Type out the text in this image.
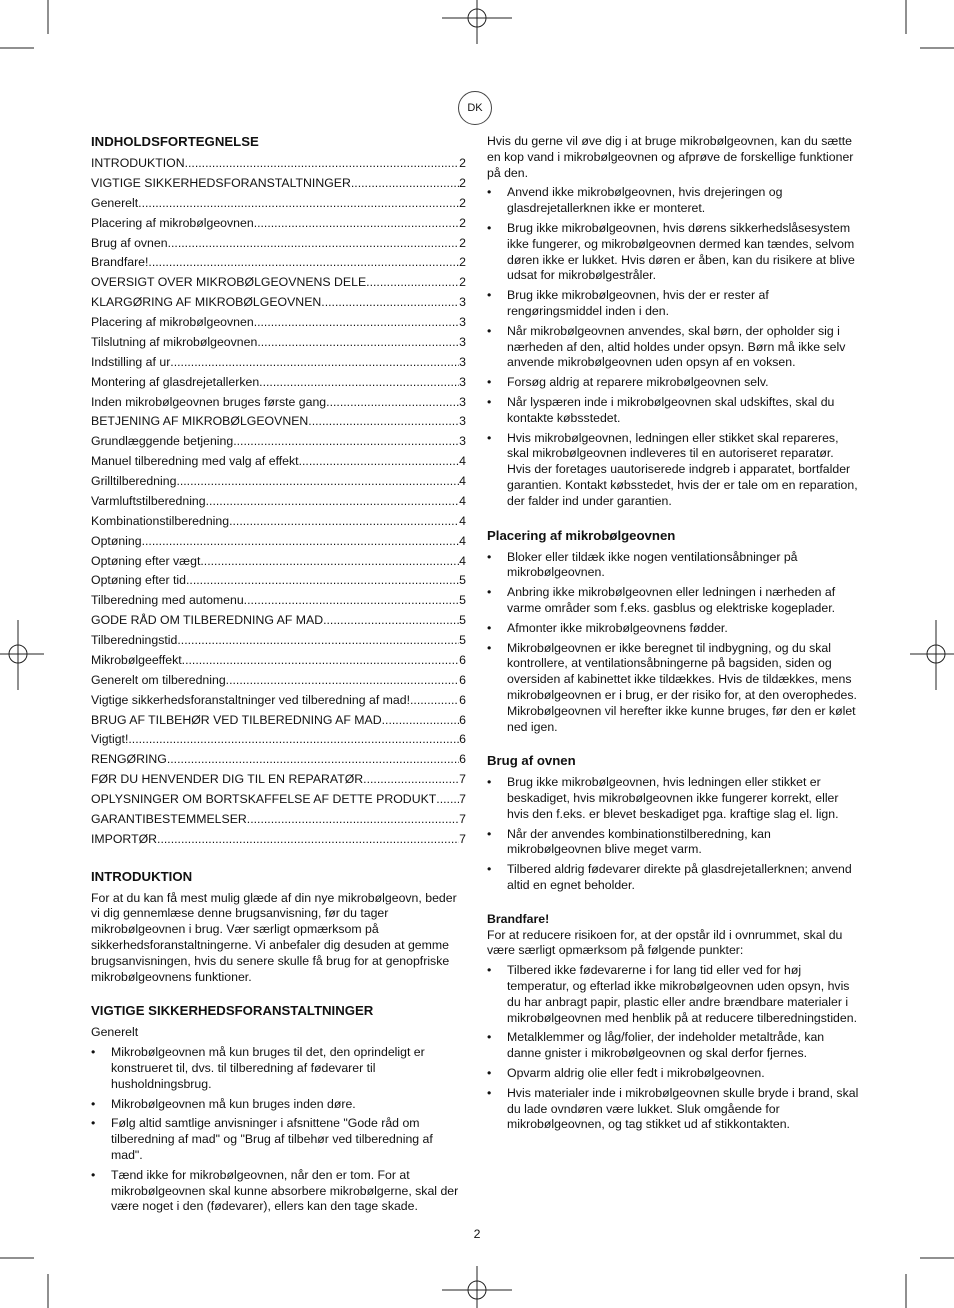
DK
INDHOLDSFORTEGNELSE
INTRODUKTION .....	2
VIGTIGE SIKKERHEDSFORANSTALTNINGER .....	2
Generelt .....	2
Placering af mikrobølgeovnen .....	2
Brug af ovnen .....	2
Brandfare! .....	2
OVERSIGT OVER MIKROBØLGEOVNENS DELE .....	2
KLARGØRING AF MIKROBØLGEOVNEN .....	3
Placering af mikrobølgeovnen .....	3
Tilslutning af mikrobølgeovnen .....	3
Indstilling af ur .....	3
Montering af glasdrejetallerken .....	3
Inden mikrobølgeovnen bruges første gang .....	3
BETJENING AF MIKROBØLGEOVNEN .....	3
Grundlæggende betjening .....	3
Manuel tilberedning med valg af effekt .....	4
Grilltilberedning .....	4
Varmluftstilberedning .....	4
Kombinationstilberedning .....	4
Optøning .....	4
Optøning efter vægt .....	4
Optøning efter tid .....	5
Tilberedning med automenu .....	5
GODE RÅD OM TILBEREDNING AF MAD .....	5
Tilberedningstid .....	5
Mikrobølgeeffekt .....	6
Generelt om tilberedning .....	6
Vigtige sikkerhedsforanstaltninger ved tilberedning af mad! .....	6
BRUG AF TILBEHØR VED TILBEREDNING AF MAD .....	6
Vigtigt! .....	6
RENGØRING .....	6
FØR DU HENVENDER DIG TIL EN REPARATØR .....	7
OPLYSNINGER OM BORTSKAFFELSE AF DETTE PRODUKT ..... 7
GARANTIBESTEMMELSER .....	7
IMPORTØR .....	7
INTRODUKTION

For at du kan få mest mulig glæde af din nye mikrobølgeovn, beder vi dig gennemlæse denne brugsanvisning, før du tager mikrobølgeovnen i brug. Vær særligt opmærksom på sikkerhedsforanstaltningerne. Vi anbefaler dig desuden at gemme brugsanvisningen, hvis du senere skulle få brug for at genopfriske mikrobølgeovnens funktioner.

VIGTIGE SIKKERHEDSFORANSTALTNINGER

Generelt

• Mikrobølgeovnen må kun bruges til det, den oprindeligt er konstrueret til, dvs. til tilberedning af fødevarer til husholdningsbrug.
• Mikrobølgeovnen må kun bruges inden døre.
• Følg altid samtlige anvisninger i afsnittene "Gode råd om tilberedning af mad" og "Brug af tilbehør ved tilberedning af mad".
• Tænd ikke for mikrobølgeovnen, når den er tom. For at mikrobølgeovnen skal kunne absorbere mikrobølgerne, skal der være noget i den (fødevarer), ellers kan den tage skade.

Hvis du gerne vil øve dig i at bruge mikrobølgeovnen, kan du sætte en kop vand i mikrobølgeovnen og afprøve de forskellige funktioner på den.

• Anvend ikke mikrobølgeovnen, hvis drejeringen og glasdrejetallerknen ikke er monteret.
• Brug ikke mikrobølgeovnen, hvis dørens sikkerhedslåsesystem ikke fungerer, og mikrobølgeovnen dermed kan tændes, selvom døren ikke er lukket. Hvis døren er åben, kan du risikere at blive udsat for mikrobølgestråler.
• Brug ikke mikrobølgeovnen, hvis der er rester af rengøringsmiddel inden i den.
• Når mikrobølgeovnen anvendes, skal børn, der opholder sig i nærheden af den, altid holdes under opsyn. Børn må ikke selv anvende mikrobølgeovnen uden opsyn af en voksen.
• Forsøg aldrig at reparere mikrobølgeovnen selv.
• Når lyspæren inde i mikrobølgeovnen skal udskiftes, skal du kontakte købsstedet.
• Hvis mikrobølgeovnen, ledningen eller stikket skal repareres, skal mikrobølgeovnen indleveres til en autoriseret reparatør. Hvis der foretages uautoriserede indgreb i apparatet, bortfalder garantien. Kontakt købsstedet, hvis der er tale om en reparation, der falder ind under garantien.
Placering af mikrobølgeovnen
• Bloker eller tildæk ikke nogen ventilationsåbninger på mikrobølgeovnen.
• Anbring ikke mikrobølgeovnen eller ledningen i nærheden af varme områder som f.eks. gasblus og elektriske kogeplader.
• Afmonter ikke mikrobølgeovnens fødder.
• Mikrobølgeovnen er ikke beregnet til indbygning, og du skal kontrollere, at ventilationsåbningerne på bagsiden, siden og oversiden af kabinettet ikke tildækkes. Hvis de tildækkes, mens mikrobølgeovnen er i brug, er der risiko for, at den overophedes. Mikrobølgeovnen vil herefter ikke kunne bruges, før den er kølet ned igen.
Brug af ovnen
• Brug ikke mikrobølgeovnen, hvis ledningen eller stikket er beskadiget, hvis mikrobølgeovnen ikke fungerer korrekt, eller hvis den f.eks. er blevet beskadiget pga. kraftige slag el. lign.
• Når der anvendes kombinationstilberedning, kan mikrobølgeovnen blive meget varm.
• Tilbered aldrig fødevarer direkte på glasdrejetallerknen; anvend altid en egnet beholder.
Brandfare!

For at reducere risikoen for, at der opstår ild i ovnrummet, skal du være særligt opmærksom på følgende punkter:

• Tilbered ikke fødevarerne i for lang tid eller ved for høj temperatur, og efterlad ikke mikrobølgeovnen uden opsyn, hvis du har anbragt papir, plastic eller andre brændbare materialer i mikrobølgeovnen med henblik på at reducere tilberedningstiden.
• Metalklemmer og låg/folier, der indeholder metaltråde, kan danne gnister i mikrobølgeovnen og skal derfor fjernes.
• Opvarm aldrig olie eller fedt i mikrobølgeovnen.
• Hvis materialer inde i mikrobølgeovnen skulle bryde i brand, skal du lade ovndøren være lukket. Sluk omgående for mikrobølgeovnen, og tag stikket ud af stikkontakten.
2
